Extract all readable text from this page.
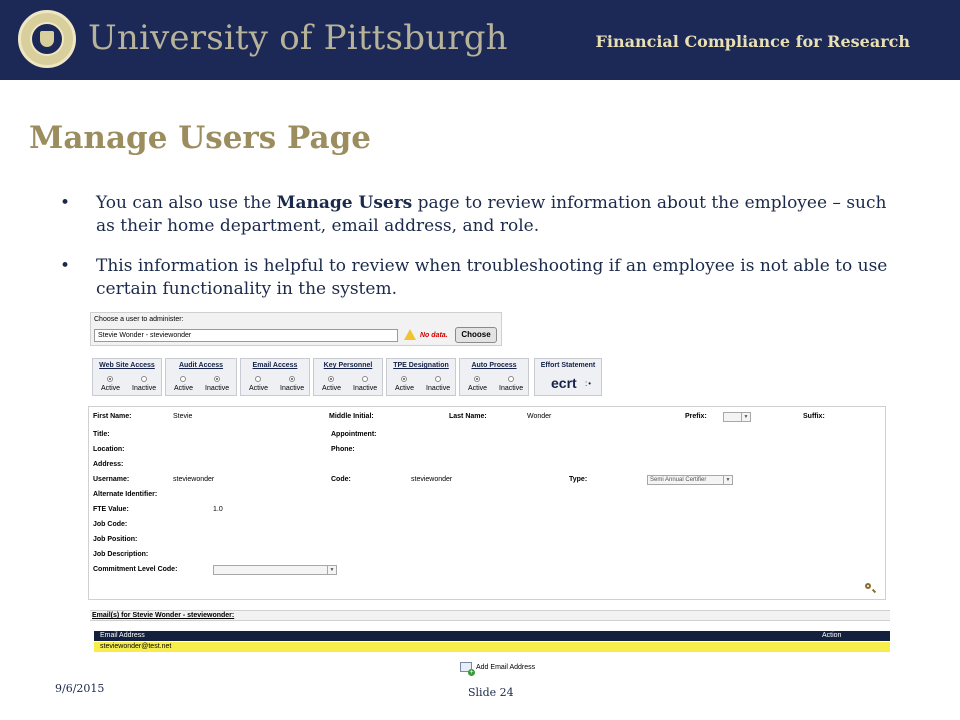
University of Pittsburgh	Financial Compliance for Research
Manage Users Page
• You can also use the Manage Users page to review information about the employee – such as their home department, email address, and role.
• This information is helpful to review when troubleshooting if an employee is not able to use certain functionality in the system.
Choose a user to administer:
Stevie Wonder - steviewonder	No data.	Choose
Web Site Access
Active Inactive
Audit Access
Active Inactive
Email Access
Active Inactive
Key Personnel
Active Inactive
TPE Designation
Active Inactive
Auto Process
Active Inactive
Effort Statement
ecrt :•
First Name:	Stevie	Middle Initial:	Last Name:	Wonder	Prefix:	▼	Suffix:
Title:	Appointment:
Location:	Phone:
Address:
Username:	steviewonder	Code:	steviewonder	Type:	Semi Annual Certifier	▼
Alternate Identifier:
FTE Value:	1.0
Job Code:
Job Position:
Job Description:
Commitment Level Code:	▼
Email(s) for Stevie Wonder - steviewonder:
Email Address	Action
steviewonder@test.net
+
Add Email Address
9/6/2015	Slide 24
